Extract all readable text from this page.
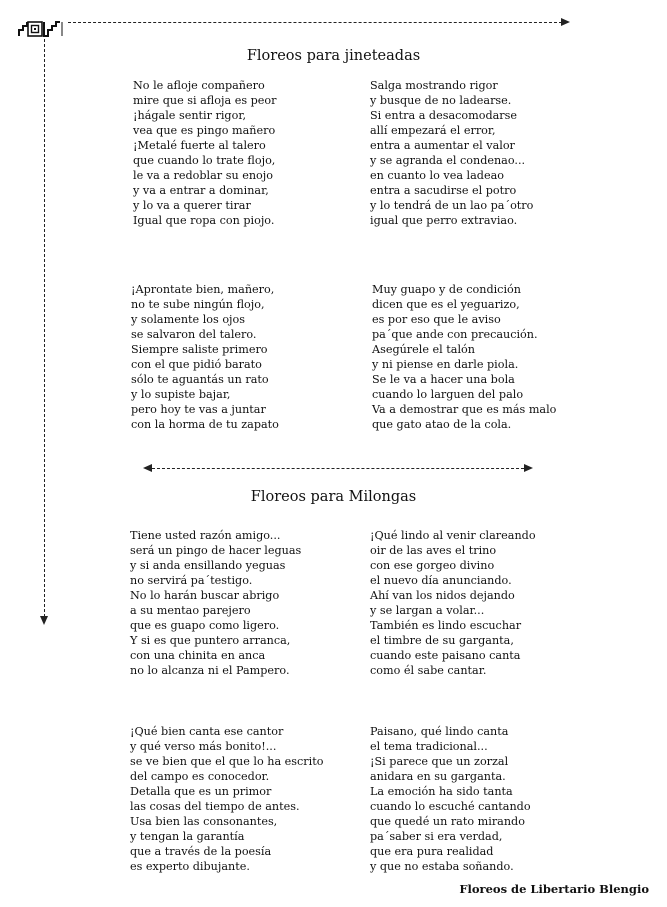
Floreos para jineteadas
No le afloje compañero
mire que si afloja es peor
¡hágale sentir rigor,
vea que es pingo mañero
¡Metalé fuerte al talero
que cuando lo trate flojo,
le va a redoblar su enojo
y va a entrar a dominar,
y lo va a querer tirar
Igual que ropa con piojo.
Salga mostrando rigor
y busque de no ladearse.
Si entra a desacomodarse
allí empezará el error,
entra a aumentar el valor
y se agranda el condenao...
en cuanto lo vea ladeao
entra a sacudirse el potro
y lo tendrá de un lao pa´otro
igual que perro extraviao.
¡Aprontate bien, mañero,
no te sube ningún flojo,
y solamente los ojos
se salvaron del talero.
Siempre saliste primero
con el que pidió barato
sólo te aguantás un rato
y lo supiste bajar,
pero hoy te vas a juntar
con la horma de tu zapato
Muy guapo y de condición
dicen que es el yeguarizo,
es por eso que le aviso
pa´que ande con precaución.
Asegúrele el talón
y ni piense en darle piola.
Se le va a hacer una bola
cuando lo larguen del palo
Va a demostrar que es más malo
que gato atao de la cola.
Floreos para Milongas
Tiene usted razón amigo...
será un pingo de hacer leguas
y si anda ensillando yeguas
no servirá pa´testigo.
No lo harán buscar abrigo
a su mentao parejero
que es guapo como ligero.
Y si es que puntero arranca,
con una chinita en anca
no lo alcanza ni el Pampero.
¡Qué lindo al venir clareando
oir de las aves el trino
con ese gorgeo divino
el nuevo día anunciando.
Ahí van los nidos dejando
y se largan a volar...
También es lindo escuchar
el timbre de su garganta,
cuando este paisano canta
como él sabe cantar.
¡Qué bien canta ese cantor
y qué verso más bonito!...
se ve bien que el que lo ha escrito
del campo es conocedor.
Detalla que es un primor
las cosas del tiempo de antes.
Usa bien las consonantes,
y tengan la garantía
que a través de la poesía
es experto dibujante.
Paisano, qué lindo canta
el tema tradicional...
¡Si parece que un zorzal
anidara en su garganta.
La emoción ha sido tanta
cuando lo escuché cantando
que quedé un rato mirando
pa´saber si era verdad,
que era pura realidad
y que no estaba soñando.
Floreos de Libertario Blengio
